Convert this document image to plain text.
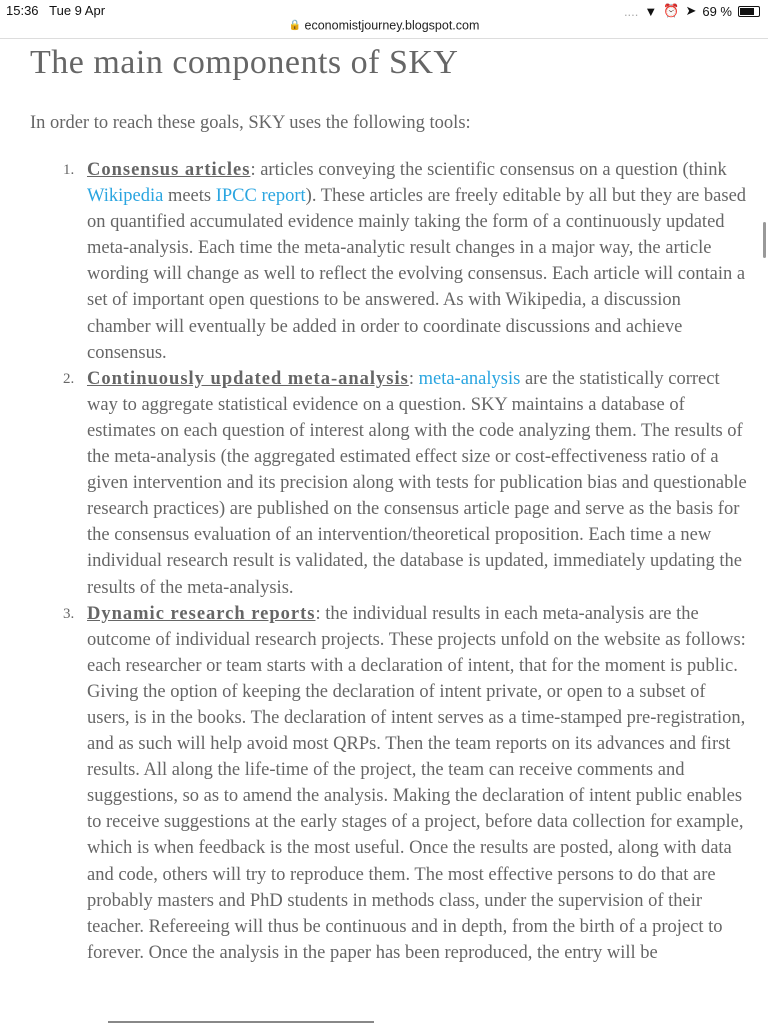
15:36 Tue 9 Apr	.... ▼ ⏰ ➤ 69 %
🔒 economistjourney.blogspot.com
The main components of SKY

In order to reach these goals, SKY uses the following tools:

1. Consensus articles: articles conveying the scientific consensus on a question (think Wikipedia meets IPCC report). These articles are freely editable by all but they are based on quantified accumulated evidence mainly taking the form of a continuously updated meta-analysis. Each time the meta-analytic result changes in a major way, the article wording will change as well to reflect the evolving consensus. Each article will contain a set of important open questions to be answered. As with Wikipedia, a discussion chamber will eventually be added in order to coordinate discussions and achieve consensus.
2. Continuously updated meta-analysis: meta-analysis are the statistically correct way to aggregate statistical evidence on a question. SKY maintains a database of estimates on each question of interest along with the code analyzing them. The results of the meta-analysis (the aggregated estimated effect size or cost-effectiveness ratio of a given intervention and its precision along with tests for publication bias and questionable research practices) are published on the consensus article page and serve as the basis for the consensus evaluation of an intervention/theoretical proposition. Each time a new individual research result is validated, the database is updated, immediately updating the results of the meta-analysis.
3. Dynamic research reports: the individual results in each meta-analysis are the outcome of individual research projects. These projects unfold on the website as follows: each researcher or team starts with a declaration of intent, that for the moment is public. Giving the option of keeping the declaration of intent private, or open to a subset of users, is in the books. The declaration of intent serves as a time-stamped pre-registration, and as such will help avoid most QRPs. Then the team reports on its advances and first results. All along the life-time of the project, the team can receive comments and suggestions, so as to amend the analysis. Making the declaration of intent public enables to receive suggestions at the early stages of a project, before data collection for example, which is when feedback is the most useful. Once the results are posted, along with data and code, others will try to reproduce them. The most effective persons to do that are probably masters and PhD students in methods class, under the supervision of their teacher. Refereeing will thus be continuous and in depth, from the birth of a project to forever. Once the analysis in the paper has been reproduced, the entry will be
